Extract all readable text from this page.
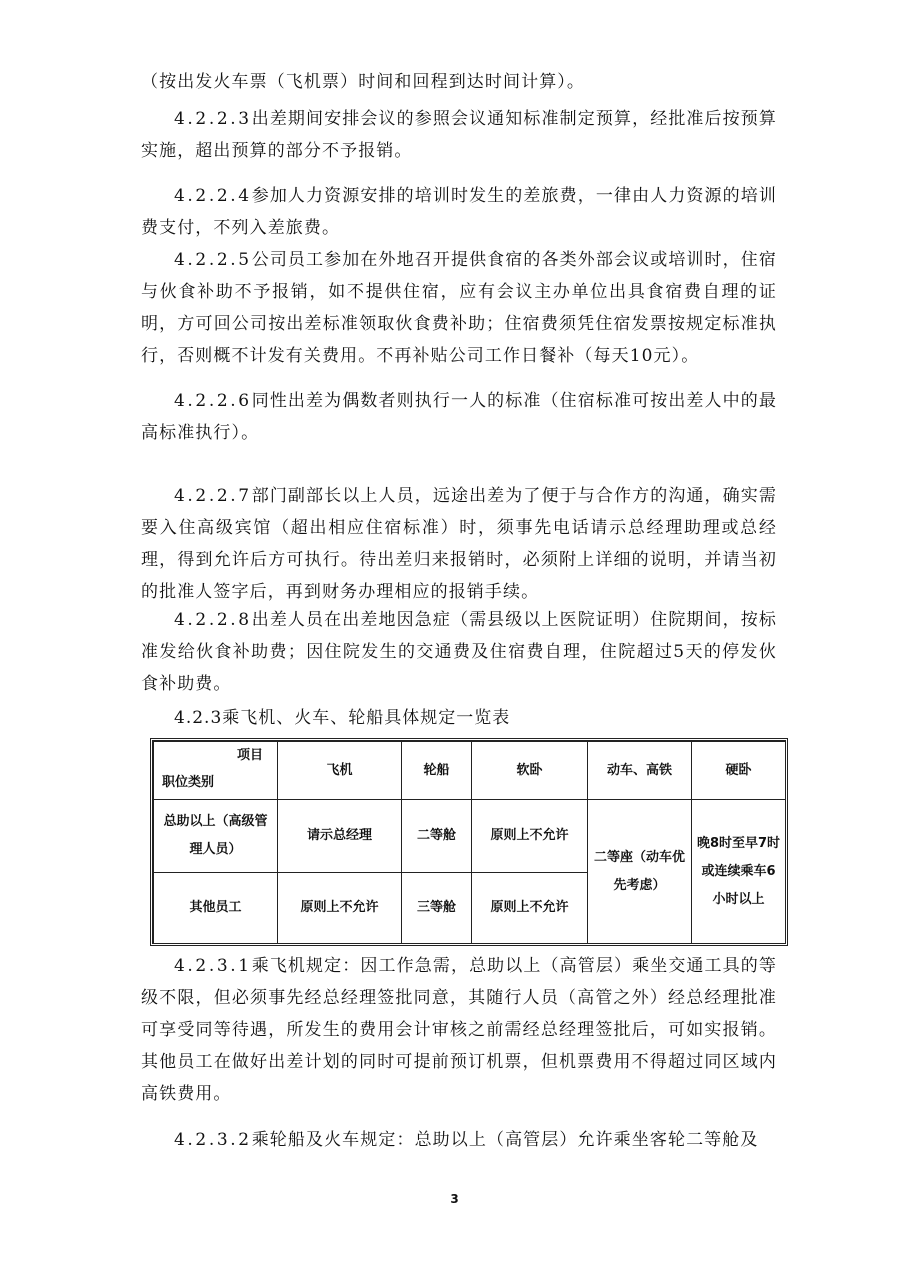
（按出发火车票（飞机票）时间和回程到达时间计算）。

4.2.2.3出差期间安排会议的参照会议通知标准制定预算，经批准后按预算实施，超出预算的部分不予报销。

4.2.2.4参加人力资源安排的培训时发生的差旅费，一律由人力资源的培训费支付，不列入差旅费。

4.2.2.5公司员工参加在外地召开提供食宿的各类外部会议或培训时，住宿与伙食补助不予报销，如不提供住宿，应有会议主办单位出具食宿费自理的证明，方可回公司按出差标准领取伙食费补助；住宿费须凭住宿发票按规定标准执行，否则概不计发有关费用。不再补贴公司工作日餐补（每天10元）。

4.2.2.6同性出差为偶数者则执行一人的标准（住宿标准可按出差人中的最高标准执行）。

4.2.2.7部门副部长以上人员，远途出差为了便于与合作方的沟通，确实需要入住高级宾馆（超出相应住宿标准）时，须事先电话请示总经理助理或总经理，得到允许后方可执行。待出差归来报销时，必须附上详细的说明，并请当初的批准人签字后，再到财务办理相应的报销手续。

4.2.2.8出差人员在出差地因急症（需县级以上医院证明）住院期间，按标准发给伙食补助费；因住院发生的交通费及住宿费自理，住院超过5天的停发伙食补助费。

4.2.3乘飞机、火车、轮船具体规定一览表
项目
职位类别	飞机	轮船	软卧	动车、高铁	硬卧
总助以上（高级管理人员）	请示总经理	二等舱	原则上不允许	二等座（动车优先考虑）	晚8时至早7时或连续乘车6小时以上
其他员工	原则上不允许	三等舱	原则上不允许		

4.2.3.1乘飞机规定：因工作急需，总助以上（高管层）乘坐交通工具的等级不限，但必须事先经总经理签批同意，其随行人员（高管之外）经总经理批准可享受同等待遇，所发生的费用会计审核之前需经总经理签批后，可如实报销。其他员工在做好出差计划的同时可提前预订机票，但机票费用不得超过同区域内高铁费用。

4.2.3.2乘轮船及火车规定：总助以上（高管层）允许乘坐客轮二等舱及

3
